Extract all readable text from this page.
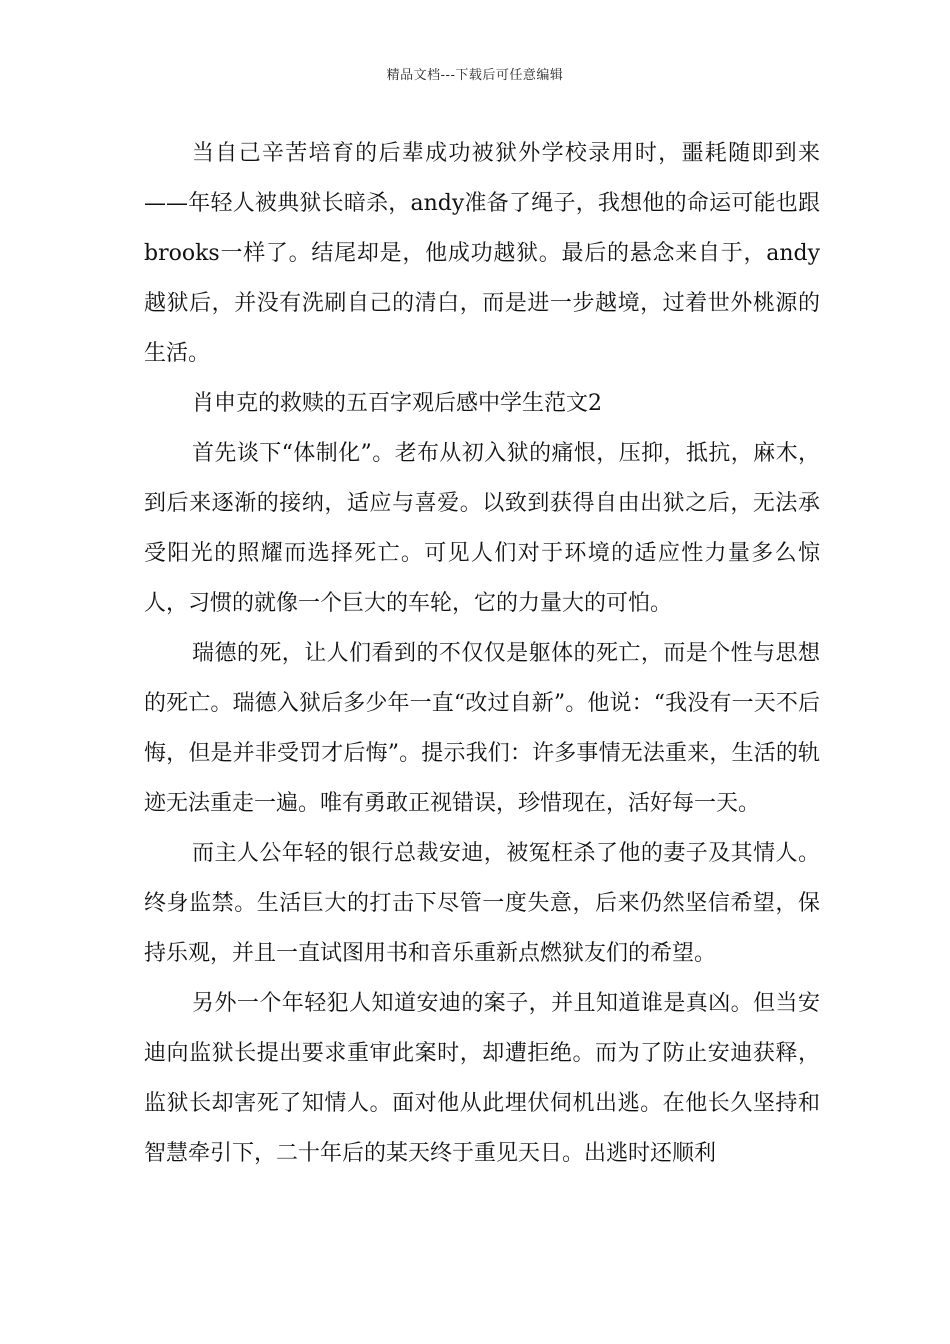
精品文档---下载后可任意编辑

当自己辛苦培育的后辈成功被狱外学校录用时，噩耗随即到来——年轻人被典狱长暗杀，andy准备了绳子，我想他的命运可能也跟brooks一样了。结尾却是，他成功越狱。最后的悬念来自于，andy越狱后，并没有洗刷自己的清白，而是进一步越境，过着世外桃源的生活。

肖申克的救赎的五百字观后感中学生范文2

首先谈下“体制化”。老布从初入狱的痛恨，压抑，抵抗，麻木，到后来逐渐的接纳，适应与喜爱。以致到获得自由出狱之后，无法承受阳光的照耀而选择死亡。可见人们对于环境的适应性力量多么惊人，习惯的就像一个巨大的车轮，它的力量大的可怕。

瑞德的死，让人们看到的不仅仅是躯体的死亡，而是个性与思想的死亡。瑞德入狱后多少年一直“改过自新”。他说：“我没有一天不后悔，但是并非受罚才后悔”。提示我们：许多事情无法重来，生活的轨迹无法重走一遍。唯有勇敢正视错误，珍惜现在，活好每一天。

而主人公年轻的银行总裁安迪，被冤枉杀了他的妻子及其情人。终身监禁。生活巨大的打击下尽管一度失意，后来仍然坚信希望，保持乐观，并且一直试图用书和音乐重新点燃狱友们的希望。

另外一个年轻犯人知道安迪的案子，并且知道谁是真凶。但当安迪向监狱长提出要求重审此案时，却遭拒绝。而为了防止安迪获释，监狱长却害死了知情人。面对他从此埋伏伺机出逃。在他长久坚持和智慧牵引下，二十年后的某天终于重见天日。出逃时还顺利
